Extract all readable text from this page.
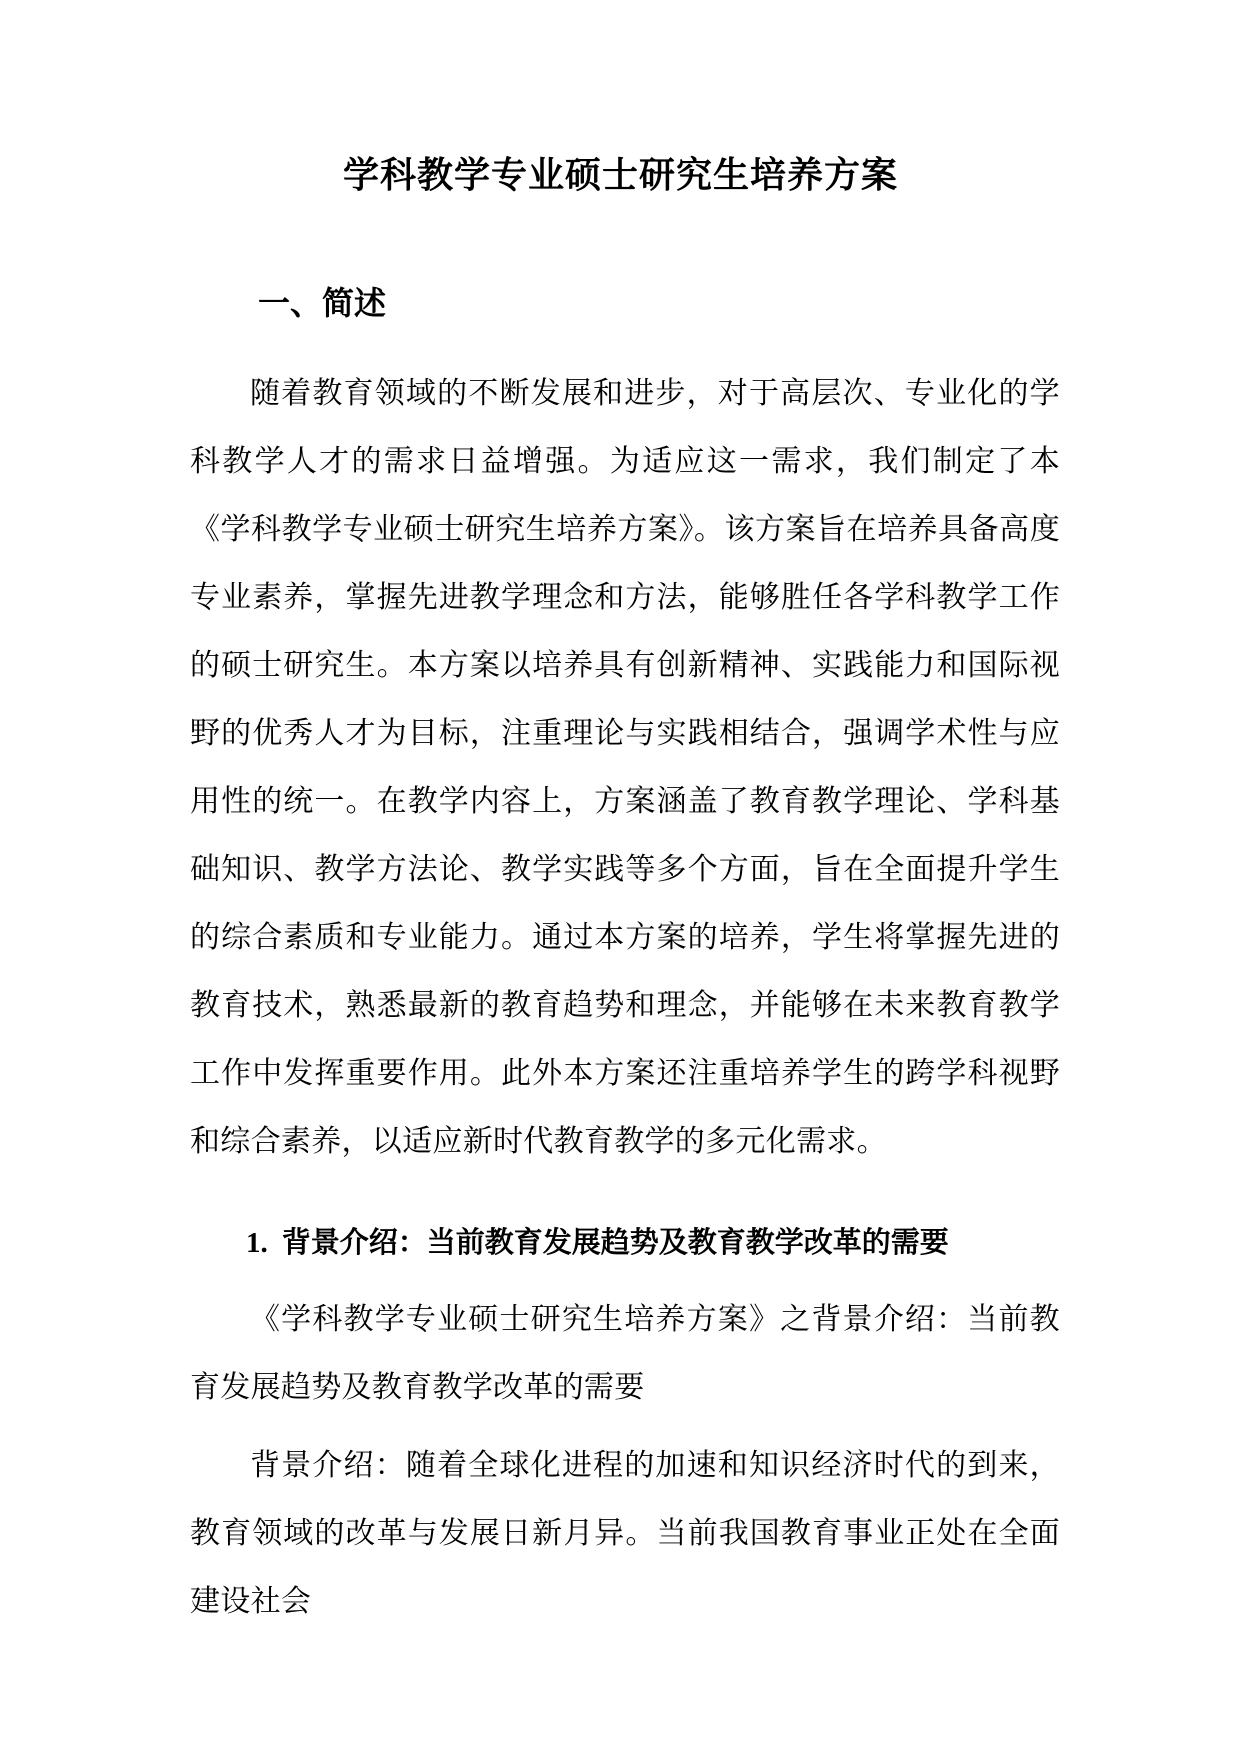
学科教学专业硕士研究生培养方案
一、简述

随着教育领域的不断发展和进步，对于高层次、专业化的学科教学人才的需求日益增强。为适应这一需求，我们制定了本《学科教学专业硕士研究生培养方案》。该方案旨在培养具备高度专业素养，掌握先进教学理念和方法，能够胜任各学科教学工作的硕士研究生。本方案以培养具有创新精神、实践能力和国际视野的优秀人才为目标，注重理论与实践相结合，强调学术性与应用性的统一。在教学内容上，方案涵盖了教育教学理论、学科基础知识、教学方法论、教学实践等多个方面，旨在全面提升学生的综合素质和专业能力。通过本方案的培养，学生将掌握先进的教育技术，熟悉最新的教育趋势和理念，并能够在未来教育教学工作中发挥重要作用。此外本方案还注重培养学生的跨学科视野和综合素养，以适应新时代教育教学的多元化需求。

1. 背景介绍：当前教育发展趋势及教育教学改革的需要

《学科教学专业硕士研究生培养方案》之背景介绍：当前教育发展趋势及教育教学改革的需要

背景介绍：随着全球化进程的加速和知识经济时代的到来，教育领域的改革与发展日新月异。当前我国教育事业正处在全面建设社会
